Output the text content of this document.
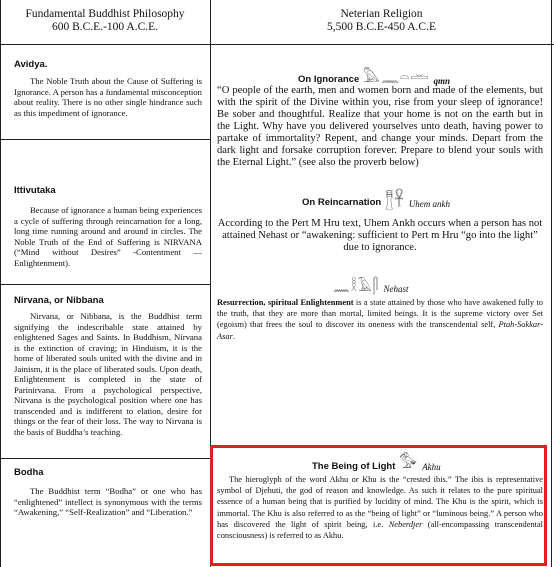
Fundamental Buddhist Philosophy
600 B.C.E.-100 A.C.E.
Neterian Religion
5,500 B.C.E-450 A.C.E
Avidya.

The Noble Truth about the Cause of Suffering is Ignorance. A person has a fundamental misconception about reality. There is no other single hindrance such as this impediment of ignorance.

Ittivutaka

Because of ignorance a human being experiences a cycle of suffering through reincarnation for a long, long time running around and around in circles. The Noble Truth of the End of Suffering is NIRVANA (“Mind without Desires” -Contentment — Enlightenment).

Nirvana, or Nibbana

Nirvana, or Nibbana, is the Buddhist term signifying the indescribable state attained by enlightened Sages and Saints. In Buddhism, Nirvana is the extinction of craving; in Hinduism, it is the home of liberated souls united with the divine and in Jainism, it is the place of liberated souls. Upon death, Enlightenment is completed in the state of Parinirvana. From a psychological perspective, Nirvana is the psychological position where one has transcended and is indifferent to elation, desire for things or the fear of their loss. The way to Nirvana is the basis of Buddha’s teaching.

Bodha

The Buddhist term “Bodha” or one who has “enlightened” intellect is synonymous with the terms “Awakening,” “Self-Realization” and “Liberation.”

On Ignorance 𓅓𓈖𓏏𓏛 qmn

“O people of the earth, men and women born and made of the elements, but with the spirit of the Divine within you, rise from your sleep of ignorance! Be sober and thoughtful. Realize that your home is not on the earth but in the Light. Why have you delivered yourselves unto death, having power to partake of immortality? Repent, and change your minds. Depart from the dark light and forsake corruption forever. Prepare to blend your souls with the Eternal Light.” (see also the proverb below)

On Reincarnation 𓊽𓋹 Uhem ankh

According to the Pert M Hru text, Uhem Ankh occurs when a person has not attained Nehast or “awakening: sufficient to Pert m Hru “go into the light” due to ignorance.

𓈖𓎛𓄿𓋴 Nehast

Resurrection, spiritual Enlightenment is a state attained by those who have awakened fully to the truth, that they are more than mortal, limited beings. It is the supreme victory over Set (egoism) that frees the soul to discover its oneness with the transcendental self, Ptah-Sokkar-Asar.

The Being of Light 𓅜 Akhu

The hieroglyph of the word Akhu or Khu is the “crested ibis.” The ibis is representative symbol of Djehuti, the god of reason and knowledge. As such it relates to the pure spiritual essence of a human being that is purified by lucidity of mind. The Khu is the spirit, which is immortal. The Khu is also referred to as the “being of light” or “luminous being.” A person who has discovered the light of spirit being, i.e. Neberdjer (all-encompassing transcendental consciousness) is referred to as Akhu.
